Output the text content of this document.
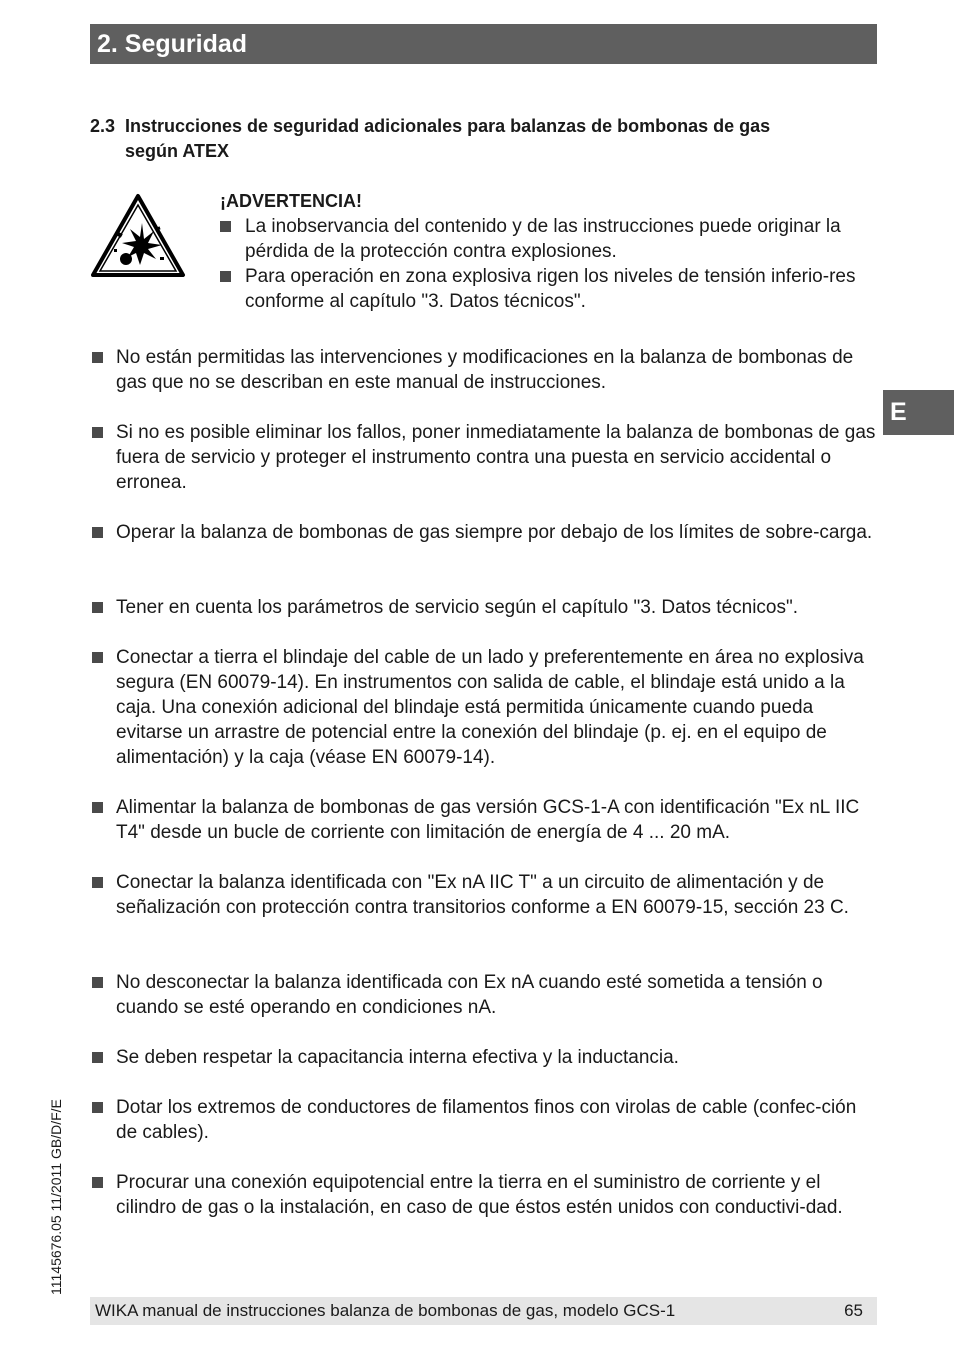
2. Seguridad
2.3 Instrucciones de seguridad adicionales para balanzas de bombonas de gas
según ATEX
¡ADVERTENCIA!
La inobservancia del contenido y de las instrucciones puede originar la pérdida de la protección contra explosiones.
Para operación en zona explosiva rigen los niveles de tensión inferio-res conforme al capítulo "3. Datos técnicos".
No están permitidas las intervenciones y modificaciones en la balanza de bombonas de gas que no se describan en este manual de instrucciones.
Si no es posible eliminar los fallos, poner inmediatamente la balanza de bombonas de gas fuera de servicio y proteger el instrumento contra una puesta en servicio accidental o erronea.
Operar la balanza de bombonas de gas siempre por debajo de los límites de sobre-carga.
Tener en cuenta los parámetros de servicio según el capítulo "3. Datos técnicos".
Conectar a tierra el blindaje del cable de un lado y preferentemente en área no explosiva segura (EN 60079-14). En instrumentos con salida de cable, el blindaje está unido a la caja. Una conexión adicional del blindaje está permitida únicamente cuando pueda evitarse un arrastre de potencial entre la conexión del blindaje (p. ej. en el equipo de alimentación) y la caja (véase EN 60079-14).
Alimentar la balanza de bombonas de gas versión GCS-1-A con identificación "Ex nL IIC T4" desde un bucle de corriente con limitación de energía de 4 ... 20 mA.
Conectar la balanza identificada con "Ex nA IIC T" a un circuito de alimentación y de señalización con protección contra transitorios conforme a EN 60079-15, sección 23 C.
No desconectar la balanza identificada con Ex nA cuando esté sometida a tensión o cuando se esté operando en condiciones nA.
Se deben respetar la capacitancia interna efectiva y la inductancia.
Dotar los extremos de conductores de filamentos finos con virolas de cable (confec-ción de cables).
Procurar una conexión equipotencial entre la tierra en el suministro de corriente y el cilindro de gas o la instalación, en caso de que éstos estén unidos con conductivi-dad.
E
11145676.05 11/2011 GB/D/F/E
WIKA manual de instrucciones balanza de bombonas de gas, modelo GCS-1	65
